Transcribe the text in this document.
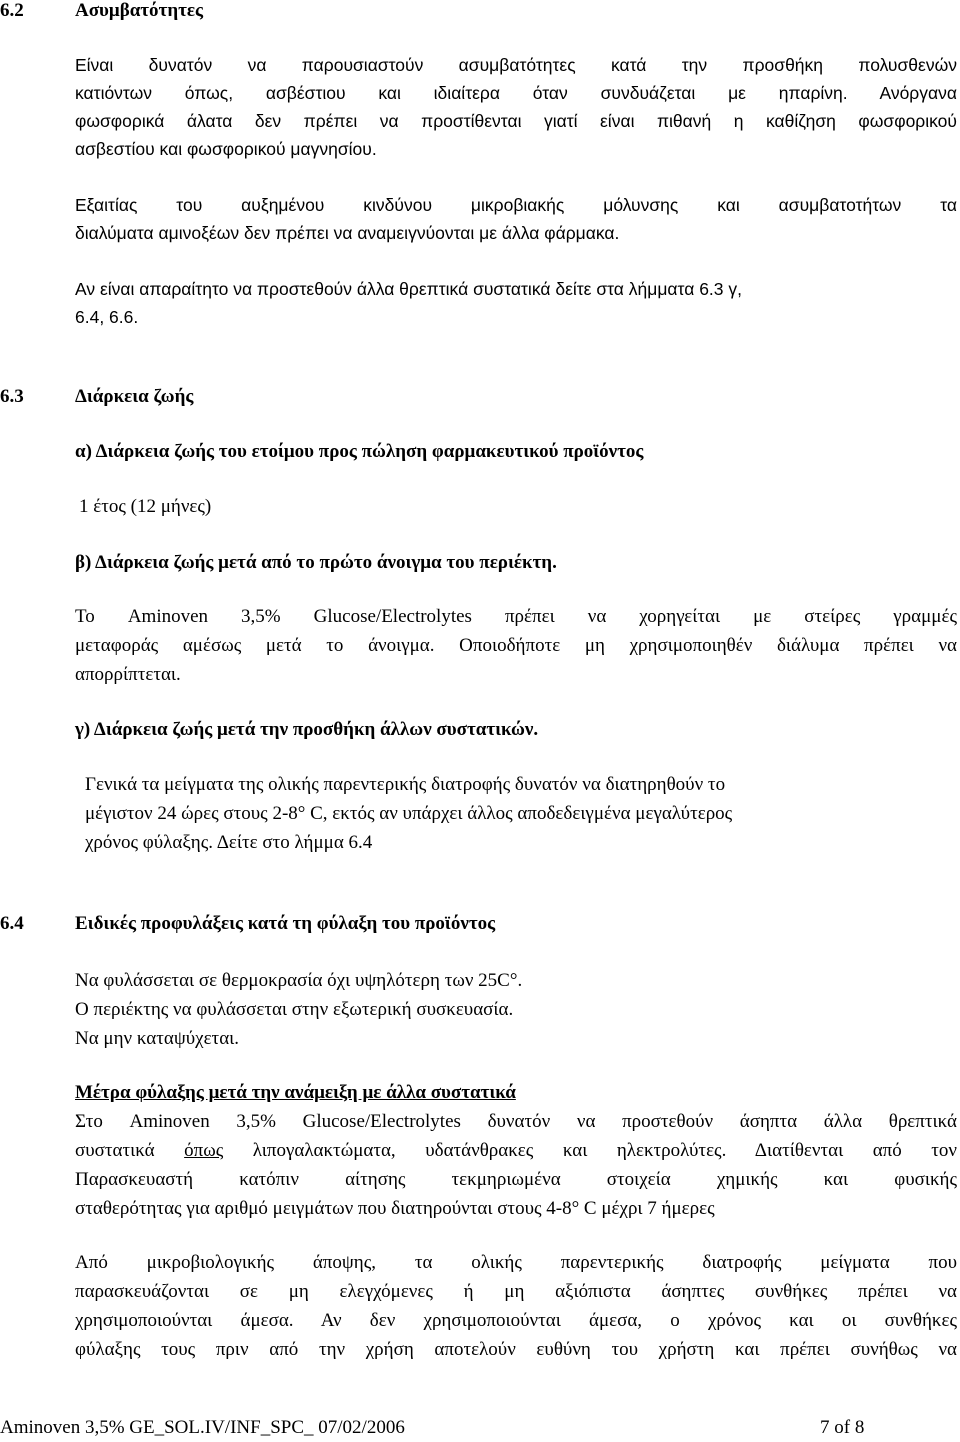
6.2	Ασυμβατότητες
Είναι δυνατόν να παρουσιαστούν ασυμβατότητες κατά την προσθήκη πολυσθενών
κατιόντων όπως, ασβέστιου και ιδιαίτερα όταν συνδυάζεται με ηπαρίνη. Ανόργανα
φωσφορικά άλατα δεν πρέπει να προστίθενται γιατί είναι πιθανή η καθίζηση φωσφορικού
ασβεστίου και φωσφορικού μαγνησίου.
Εξαιτίας του αυξημένου κινδύνου μικροβιακής μόλυνσης και ασυμβατοτήτων τα
διαλύματα αμινοξέων δεν πρέπει να αναμειγνύονται με άλλα φάρμακα.
Αν είναι απαραίτητο να προστεθούν άλλα θρεπτικά συστατικά δείτε στα λήμματα 6.3 γ,
6.4, 6.6.
6.3	Διάρκεια ζωής
α) Διάρκεια ζωής του ετοίμου προς πώληση φαρμακευτικού προϊόντος
1 έτος (12 μήνες)
β) Διάρκεια ζωής μετά από το πρώτο άνοιγμα του περιέκτη.
Το Aminoven 3,5% Glucose/Electrolytes πρέπει να χορηγείται με στείρες γραμμές
μεταφοράς αμέσως μετά το άνοιγμα. Οποιοδήποτε μη χρησιμοποιηθέν διάλυμα πρέπει να
απορρίπτεται.
γ) Διάρκεια ζωής μετά την προσθήκη άλλων συστατικών.
Γενικά τα μείγματα της ολικής παρεντερικής διατροφής δυνατόν να διατηρηθούν το
μέγιστον 24 ώρες στους 2-8° C, εκτός αν υπάρχει άλλος αποδεδειγμένα μεγαλύτερος
χρόνος φύλαξης. Δείτε στο λήμμα 6.4
6.4	Ειδικές προφυλάξεις κατά τη φύλαξη του προϊόντος
Να φυλάσσεται σε θερμοκρασία όχι υψηλότερη των 25C°.
Ο περιέκτης να φυλάσσεται στην εξωτερική συσκευασία.
Να μην καταψύχεται.
Μέτρα φύλαξης μετά την ανάμειξη με άλλα συστατικά
Στο Aminoven 3,5% Glucose/Electrolytes δυνατόν να προστεθούν άσηπτα άλλα θρεπτικά
συστατικά όπως λιπογαλακτώματα, υδατάνθρακες και ηλεκτρολύτες. Διατίθενται από τον
Παρασκευαστή κατόπιν αίτησης τεκμηριωμένα στοιχεία χημικής και φυσικής
σταθερότητας για αριθμό μειγμάτων που διατηρούνται στους 4-8° C μέχρι 7 ήμερες
Από μικροβιολογικής άποψης, τα ολικής παρεντερικής διατροφής μείγματα που
παρασκευάζονται σε μη ελεγχόμενες ή μη αξιόπιστα άσηπτες συνθήκες πρέπει να
χρησιμοποιούνται άμεσα. Αν δεν χρησιμοποιούνται άμεσα, ο χρόνος και οι συνθήκες
φύλαξης τους πριν από την χρήση αποτελούν ευθύνη του χρήστη και πρέπει συνήθως να
Aminoven 3,5% GE_SOL.IV/INF_SPC_ 07/02/2006	7 of 8
